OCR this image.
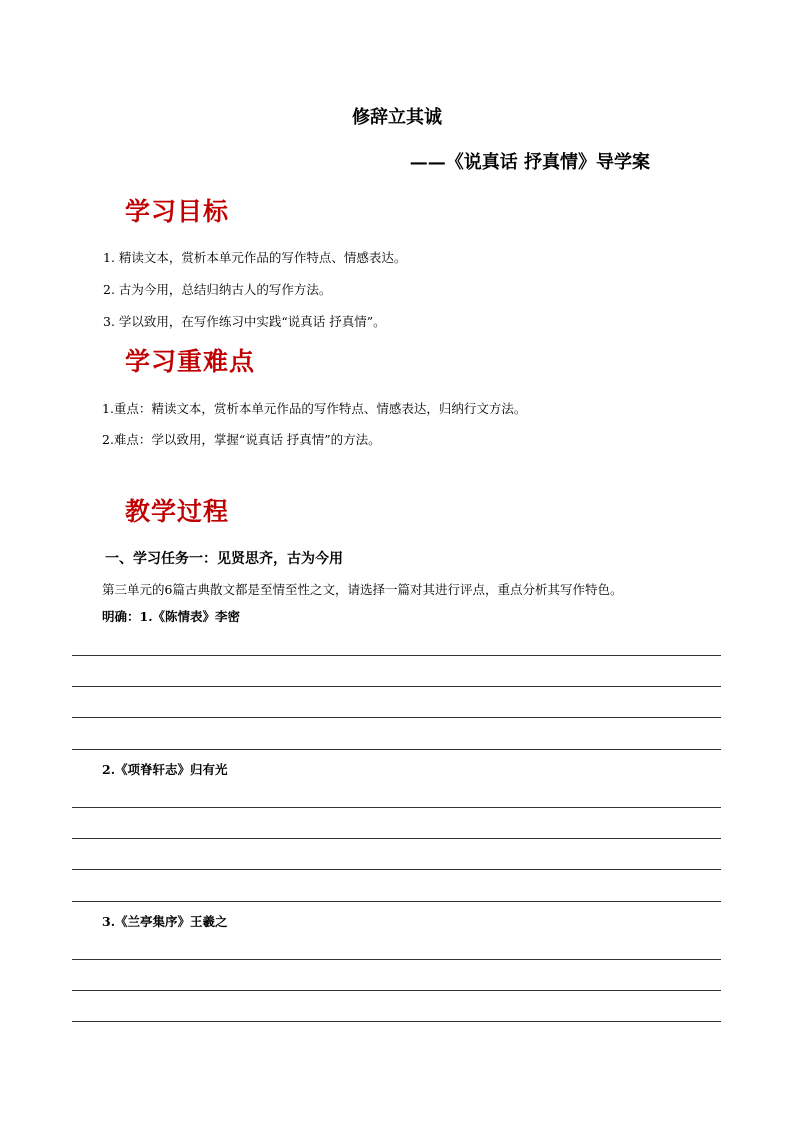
修辞立其诚
——《说真话 抒真情》导学案
学习目标
1. 精读文本，赏析本单元作品的写作特点、情感表达。
2. 古为今用，总结归纳古人的写作方法。
3. 学以致用，在写作练习中实践“说真话 抒真情”。
学习重难点
1.重点：精读文本，赏析本单元作品的写作特点、情感表达，归纳行文方法。
2.难点：学以致用，掌握“说真话 抒真情”的方法。
教学过程
一、学习任务一：见贤思齐，古为今用
第三单元的6篇古典散文都是至情至性之文，请选择一篇对其进行评点，重点分析其写作特色。
明确：1.《陈情表》李密
2.《项脊轩志》归有光
3.《兰亭集序》王羲之
